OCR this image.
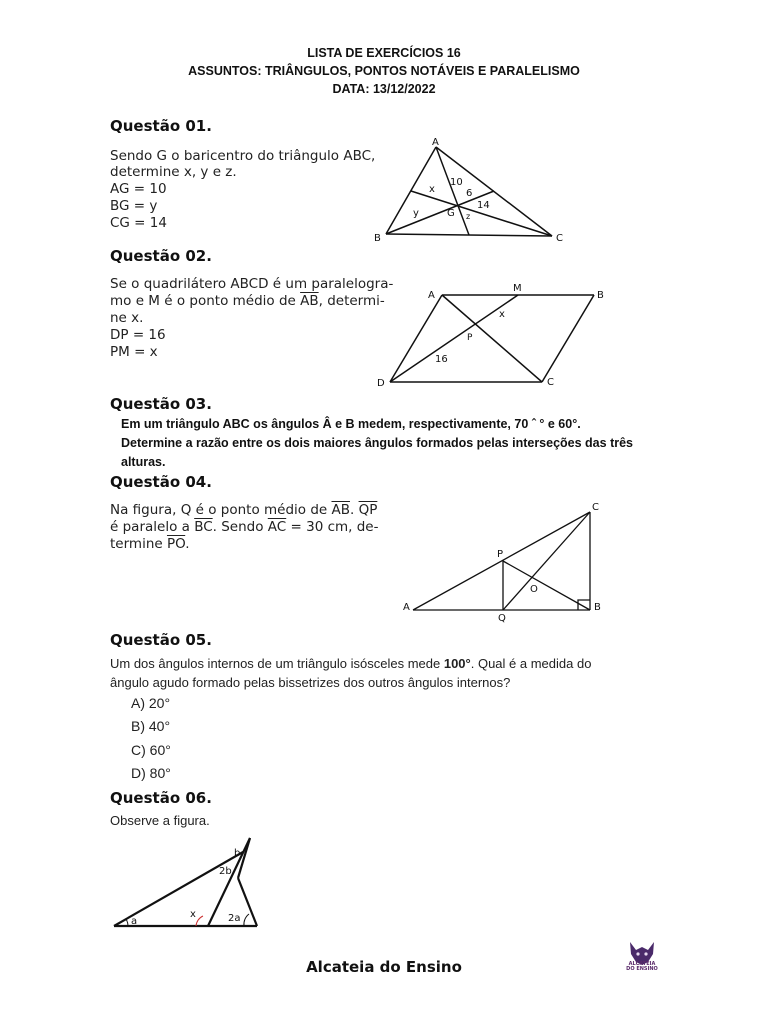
LISTA DE EXERCÍCIOS 16
ASSUNTOS: TRIÂNGULOS, PONTOS NOTÁVEIS E PARALELISMO
DATA: 13/12/2022
Questão 01.
Sendo G o baricentro do triângulo ABC,
determine x, y e z.
AG = 10
BG = y
CG = 14
A
B	C
G
x
y	z
10
6
14
Questão 02.
Se o quadrilátero ABCD é um paralelogra-
mo e M é o ponto médio de $\overline{AB}$, determi-
ne x.
DP = 16
PM = x
A	B
C
D
M
P
x
16
Questão 03.
Em um triângulo ABC os ângulos Â e B medem, respectivamente, 70 ˆ ° e 60°.
Determine a razão entre os dois maiores ângulos formados pelas interseções das três
alturas.
Questão 04.
Na figura, Q é o ponto médio de $\overline{AB}$. $\overline{QP}$
é paralelo a $\overline{BC}$. Sendo $\overline{AC} = 30$ cm, de-
termine $\overline{PO}$.
A	B
C
P
Q
O
Questão 05.
Um dos ângulos internos de um triângulo isósceles mede 100°. Qual é a medida do
ângulo agudo formado pelas bissetrizes dos outros ângulos internos?
A) 20°
B) 40°
C) 60°
D) 80°
Questão 06.
Observe a figura.
a
x	2a
2b
b
Alcateia do Ensino	ALCATEIA
DO ENSINO
